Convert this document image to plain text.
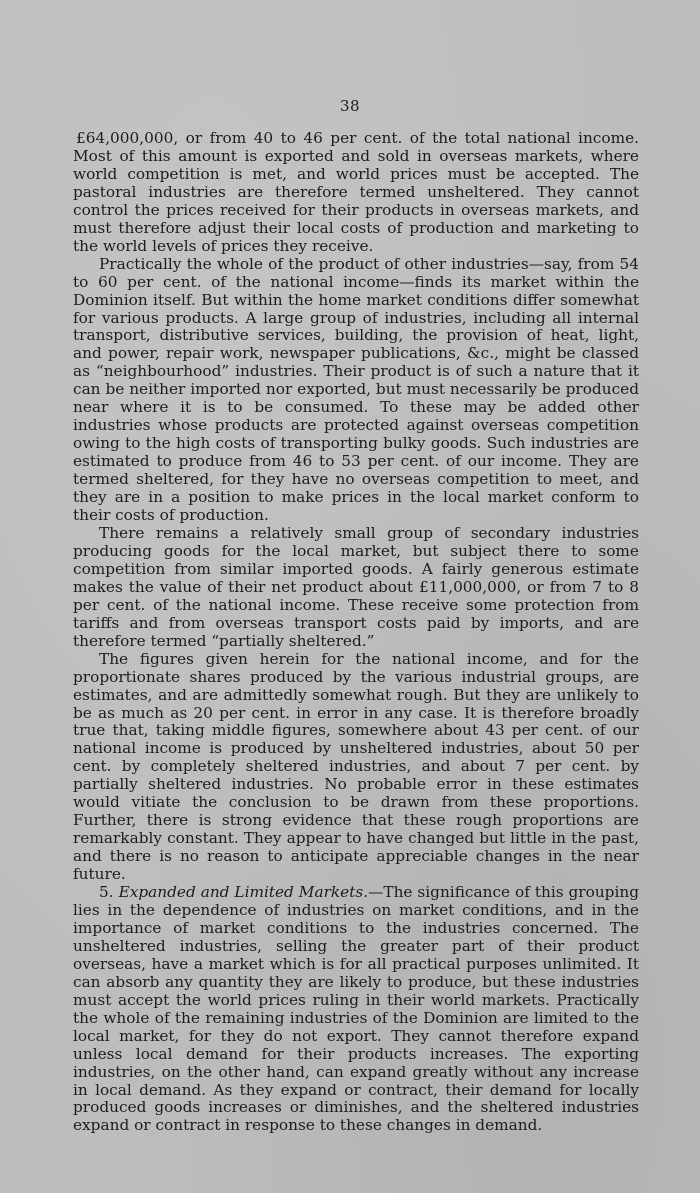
38

£64,000,000, or from 40 to 46 per cent. of the total national income. Most of this amount is exported and sold in overseas markets, where world competition is met, and world prices must be accepted. The pastoral industries are therefore termed unsheltered. They cannot control the prices received for their products in overseas markets, and must therefore adjust their local costs of production and marketing to the world levels of prices they receive.

Practically the whole of the product of other industries—say, from 54 to 60 per cent. of the national income—finds its market within the Dominion itself. But within the home market conditions differ somewhat for various products. A large group of industries, including all internal transport, distributive services, building, the provision of heat, light, and power, repair work, newspaper publications, &c., might be classed as “neighbourhood” industries. Their product is of such a nature that it can be neither imported nor exported, but must necessarily be produced near where it is to be consumed. To these may be added other industries whose products are protected against overseas competition owing to the high costs of transporting bulky goods. Such industries are estimated to produce from 46 to 53 per cent. of our income. They are termed sheltered, for they have no overseas competition to meet, and they are in a position to make prices in the local market conform to their costs of production.

There remains a relatively small group of secondary industries producing goods for the local market, but subject there to some competition from similar imported goods. A fairly generous estimate makes the value of their net product about £11,000,000, or from 7 to 8 per cent. of the national income. These receive some protection from tariffs and from overseas transport costs paid by imports, and are therefore termed “partially sheltered.”

The figures given herein for the national income, and for the proportionate shares produced by the various industrial groups, are estimates, and are admittedly somewhat rough. But they are unlikely to be as much as 20 per cent. in error in any case. It is therefore broadly true that, taking middle figures, somewhere about 43 per cent. of our national income is produced by unsheltered industries, about 50 per cent. by completely sheltered industries, and about 7 per cent. by partially sheltered industries. No probable error in these estimates would vitiate the conclusion to be drawn from these proportions. Further, there is strong evidence that these rough proportions are remarkably constant. They appear to have changed but little in the past, and there is no reason to anticipate appreciable changes in the near future.

5. Expanded and Limited Markets.—The significance of this grouping lies in the dependence of industries on market conditions, and in the importance of market conditions to the industries concerned. The unsheltered industries, selling the greater part of their product overseas, have a market which is for all practical purposes unlimited. It can absorb any quantity they are likely to produce, but these industries must accept the world prices ruling in their world markets. Practically the whole of the remaining industries of the Dominion are limited to the local market, for they do not export. They cannot therefore expand unless local demand for their products increases. The exporting industries, on the other hand, can expand greatly without any increase in local demand. As they expand or contract, their demand for locally produced goods increases or diminishes, and the sheltered industries expand or contract in response to these changes in demand.
